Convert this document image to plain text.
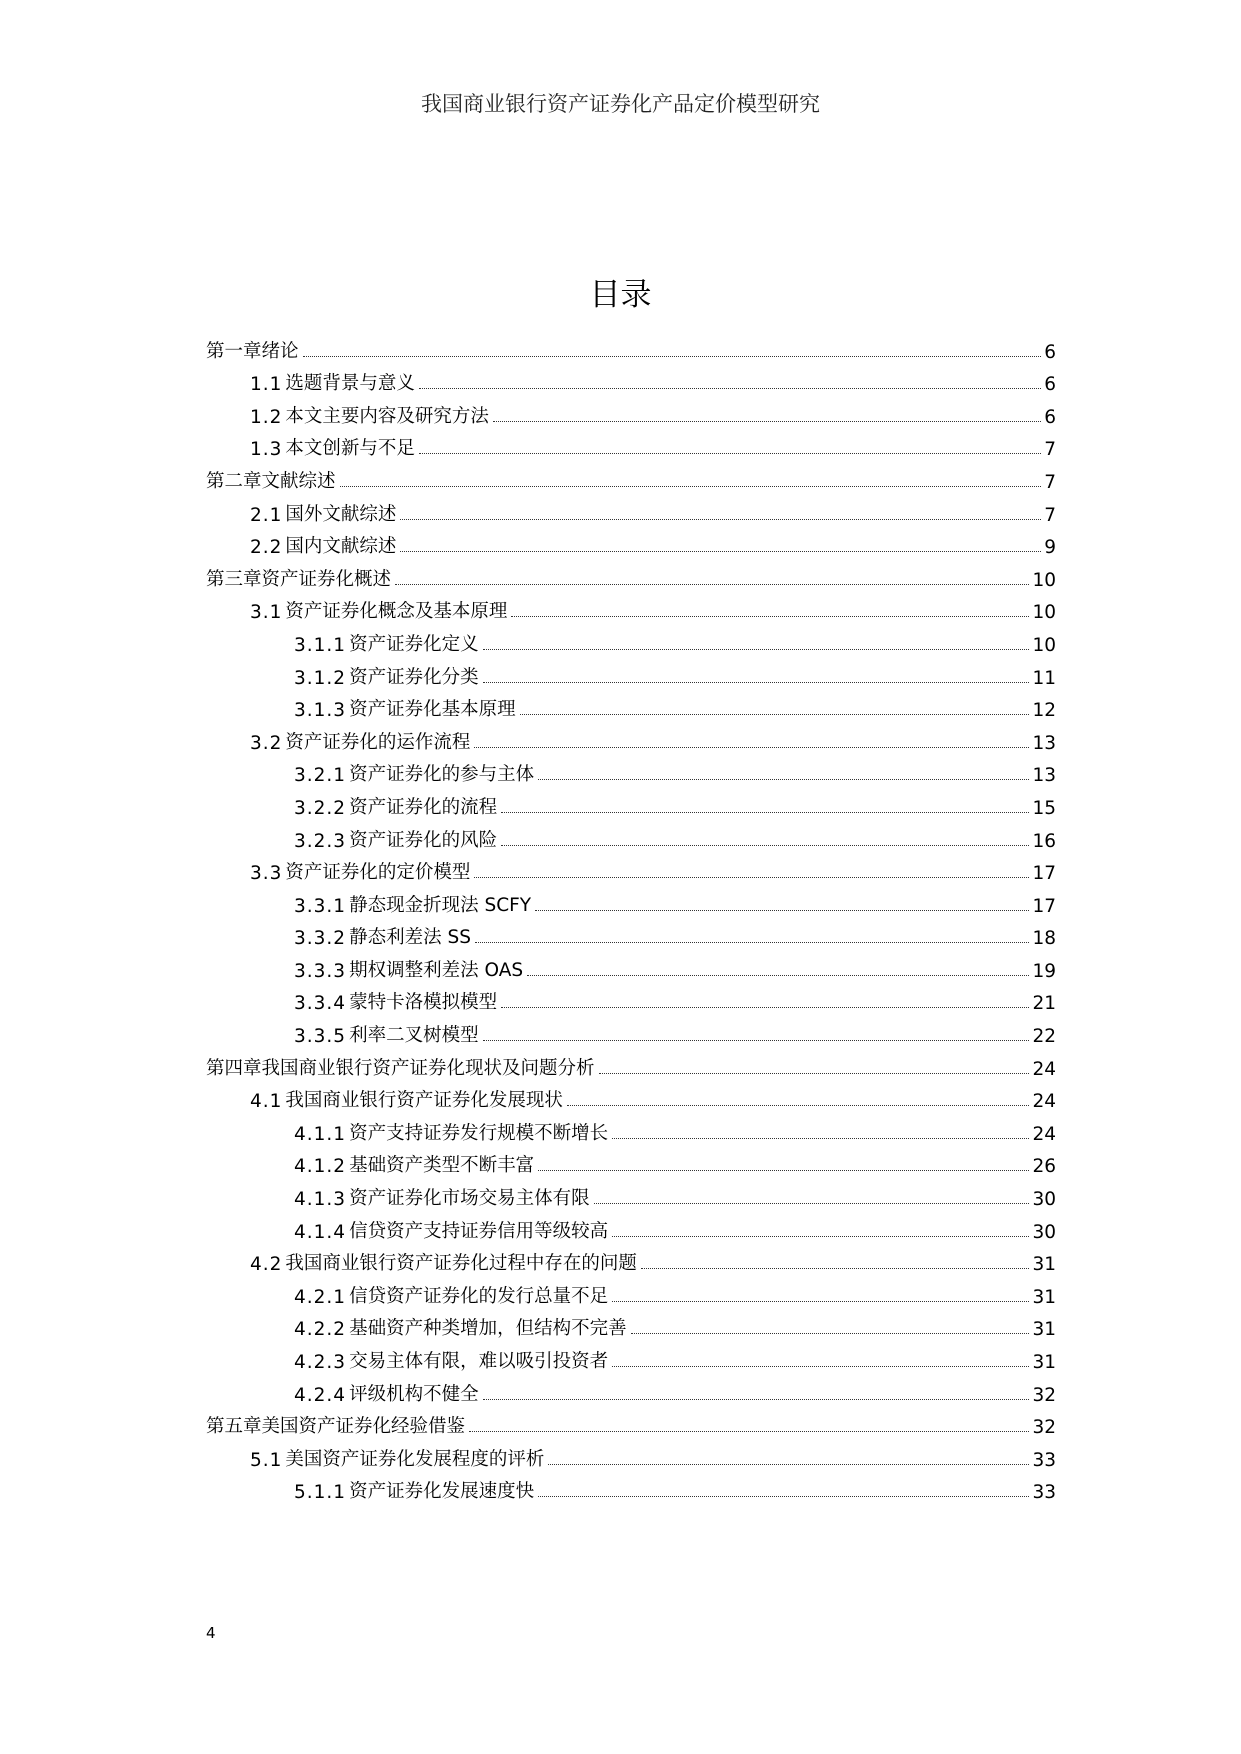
我国商业银行资产证券化产品定价模型研究
目录
第一章绪论	6
1.1 选题背景与意义	6
1.2 本文主要内容及研究方法	6
1.3 本文创新与不足	7
第二章文献综述	7
2.1 国外文献综述	7
2.2 国内文献综述	9
第三章资产证券化概述	10
3.1 资产证券化概念及基本原理	10
3.1.1 资产证券化定义	10
3.1.2 资产证券化分类	11
3.1.3 资产证券化基本原理	12
3.2 资产证券化的运作流程	13
3.2.1 资产证券化的参与主体	13
3.2.2 资产证券化的流程	15
3.2.3 资产证券化的风险	16
3.3 资产证券化的定价模型	17
3.3.1 静态现金折现法 SCFY	17
3.3.2 静态利差法 SS	18
3.3.3 期权调整利差法 OAS	19
3.3.4 蒙特卡洛模拟模型	21
3.3.5 利率二叉树模型	22
第四章我国商业银行资产证券化现状及问题分析	24
4.1 我国商业银行资产证券化发展现状	24
4.1.1 资产支持证券发行规模不断增长	24
4.1.2 基础资产类型不断丰富	26
4.1.3 资产证券化市场交易主体有限	30
4.1.4 信贷资产支持证券信用等级较高	30
4.2 我国商业银行资产证券化过程中存在的问题	31
4.2.1 信贷资产证券化的发行总量不足	31
4.2.2 基础资产种类增加，但结构不完善	31
4.2.3 交易主体有限，难以吸引投资者	31
4.2.4 评级机构不健全	32
第五章美国资产证券化经验借鉴	32
5.1 美国资产证券化发展程度的评析	33
5.1.1 资产证券化发展速度快	33
4
